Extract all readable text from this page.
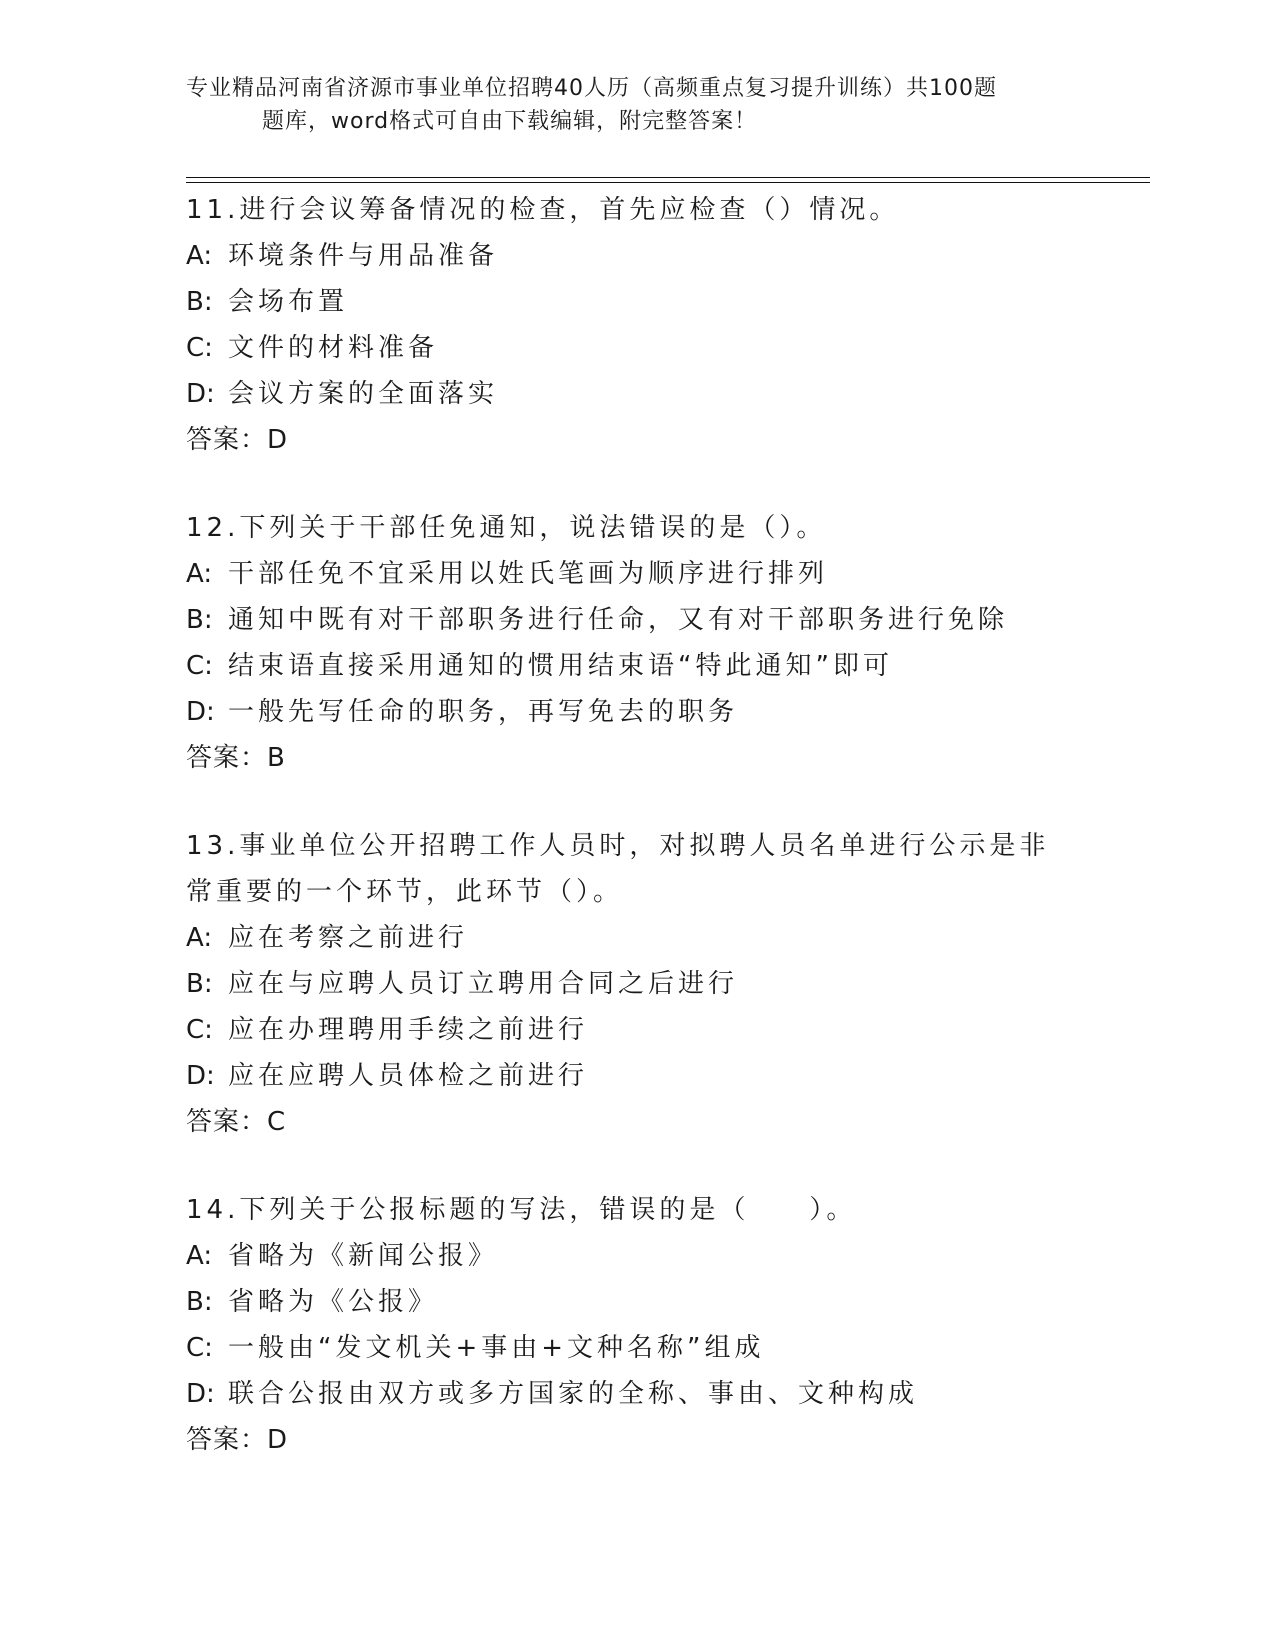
专业精品河南省济源市事业单位招聘40人历（高频重点复习提升训练）共100题
题库，word格式可自由下载编辑，附完整答案！
11.进行会议筹备情况的检查，首先应检查（）情况。
A: 环境条件与用品准备
B: 会场布置
C: 文件的材料准备
D: 会议方案的全面落实
答案：D
12.下列关于干部任免通知，说法错误的是（）。
A: 干部任免不宜采用以姓氏笔画为顺序进行排列
B: 通知中既有对干部职务进行任命，又有对干部职务进行免除
C: 结束语直接采用通知的惯用结束语“特此通知”即可
D: 一般先写任命的职务，再写免去的职务
答案：B
13.事业单位公开招聘工作人员时，对拟聘人员名单进行公示是非常重要的一个环节，此环节（）。
A: 应在考察之前进行
B: 应在与应聘人员订立聘用合同之后进行
C: 应在办理聘用手续之前进行
D: 应在应聘人员体检之前进行
答案：C
14.下列关于公报标题的写法，错误的是（　　）。
A: 省略为《新闻公报》
B: 省略为《公报》
C: 一般由“发文机关+事由+文种名称”组成
D: 联合公报由双方或多方国家的全称、事由、文种构成
答案：D
